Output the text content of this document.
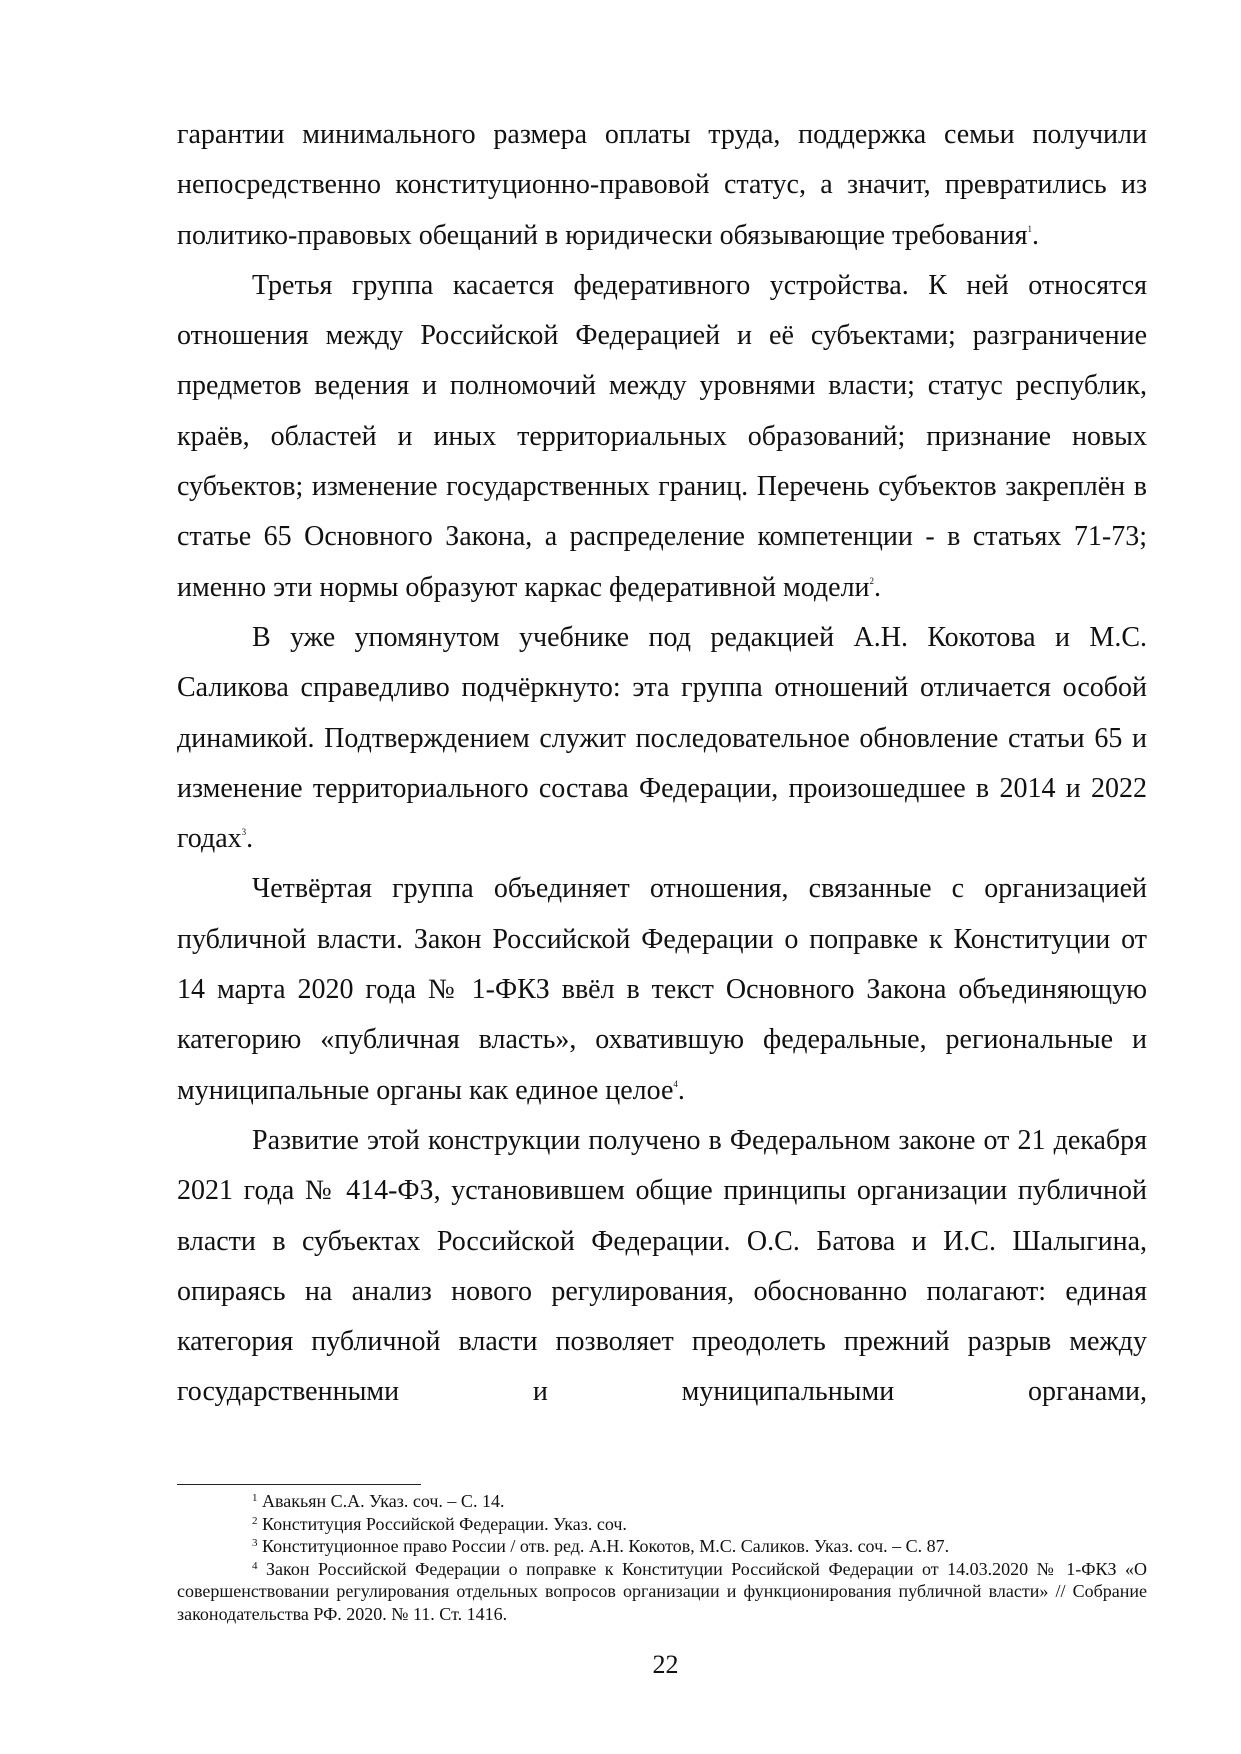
гарантии минимального размера оплаты труда, поддержка семьи получили непосредственно конституционно-правовой статус, а значит, превратились из политико-правовых обещаний в юридически обязывающие требования$^1$.

Третья группа касается федеративного устройства. К ней относятся отношения между Российской Федерацией и её субъектами; разграничение предметов ведения и полномочий между уровнями власти; статус республик, краёв, областей и иных территориальных образований; признание новых субъектов; изменение государственных границ. Перечень субъектов закреплён в статье 65 Основного Закона, а распределение компетенции - в статьях 71-73; именно эти нормы образуют каркас федеративной модели$^2$.

В уже упомянутом учебнике под редакцией А.Н. Кокотова и М.С. Саликова справедливо подчёркнуто: эта группа отношений отличается особой динамикой. Подтверждением служит последовательное обновление статьи 65 и изменение территориального состава Федерации, произошедшее в 2014 и 2022 годах$^3$.

Четвёртая группа объединяет отношения, связанные с организацией публичной власти. Закон Российской Федерации о поправке к Конституции от 14 марта 2020 года № 1-ФКЗ ввёл в текст Основного Закона объединяющую категорию «публичная власть», охватившую федеральные, региональные и муниципальные органы как единое целое$^4$.

Развитие этой конструкции получено в Федеральном законе от 21 декабря 2021 года № 414-ФЗ, установившем общие принципы организации публичной власти в субъектах Российской Федерации. О.С. Батова и И.С. Шалыгина, опираясь на анализ нового регулирования, обоснованно полагают: единая категория публичной власти позволяет преодолеть прежний разрыв между государственными и муниципальными органами,

$^1$ Авакьян С.А. Указ. соч. – С. 14.

$^2$ Конституция Российской Федерации. Указ. соч.

$^3$ Конституционное право России / отв. ред. А.Н. Кокотов, М.С. Саликов. Указ. соч. – С. 87.

$^4$ Закон Российской Федерации о поправке к Конституции Российской Федерации от 14.03.2020 № 1-ФКЗ «О совершенствовании регулирования отдельных вопросов организации и функционирования публичной власти» // Собрание законодательства РФ. 2020. № 11. Ст. 1416.

22
